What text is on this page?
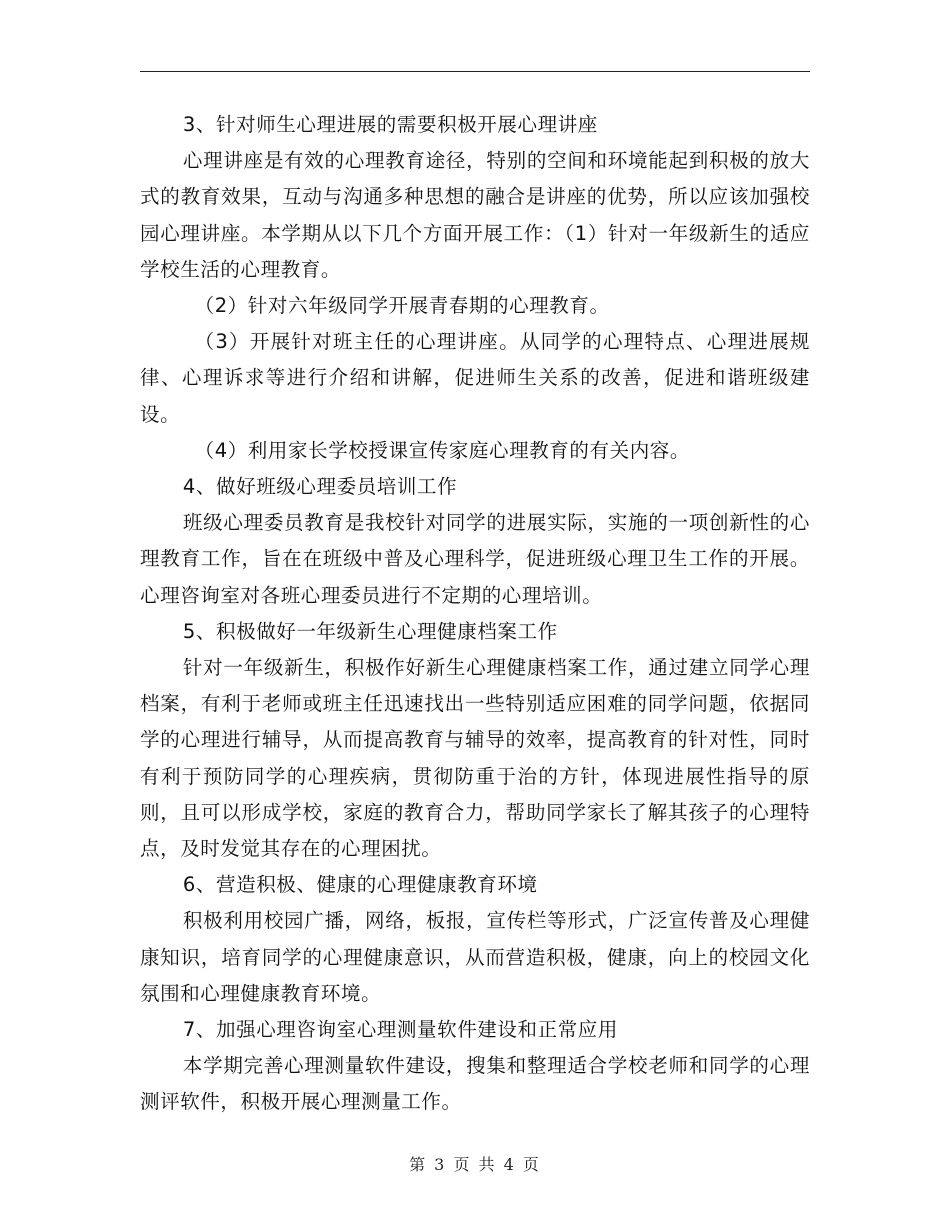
3、针对师生心理进展的需要积极开展心理讲座

心理讲座是有效的心理教育途径，特别的空间和环境能起到积极的放大式的教育效果，互动与沟通多种思想的融合是讲座的优势，所以应该加强校园心理讲座。本学期从以下几个方面开展工作：（1）针对一年级新生的适应学校生活的心理教育。

（2）针对六年级同学开展青春期的心理教育。

（3）开展针对班主任的心理讲座。从同学的心理特点、心理进展规律、心理诉求等进行介绍和讲解，促进师生关系的改善，促进和谐班级建设。

（4）利用家长学校授课宣传家庭心理教育的有关内容。

4、做好班级心理委员培训工作

班级心理委员教育是我校针对同学的进展实际，实施的一项创新性的心理教育工作，旨在在班级中普及心理科学，促进班级心理卫生工作的开展。心理咨询室对各班心理委员进行不定期的心理培训。

5、积极做好一年级新生心理健康档案工作

针对一年级新生，积极作好新生心理健康档案工作，通过建立同学心理档案，有利于老师或班主任迅速找出一些特别适应困难的同学问题，依据同学的心理进行辅导，从而提高教育与辅导的效率，提高教育的针对性，同时有利于预防同学的心理疾病，贯彻防重于治的方针，体现进展性指导的原则，且可以形成学校，家庭的教育合力，帮助同学家长了解其孩子的心理特点，及时发觉其存在的心理困扰。

6、营造积极、健康的心理健康教育环境

积极利用校园广播，网络，板报，宣传栏等形式，广泛宣传普及心理健康知识，培育同学的心理健康意识，从而营造积极，健康，向上的校园文化氛围和心理健康教育环境。

7、加强心理咨询室心理测量软件建设和正常应用

本学期完善心理测量软件建设，搜集和整理适合学校老师和同学的心理测评软件，积极开展心理测量工作。

第 3 页 共 4 页
